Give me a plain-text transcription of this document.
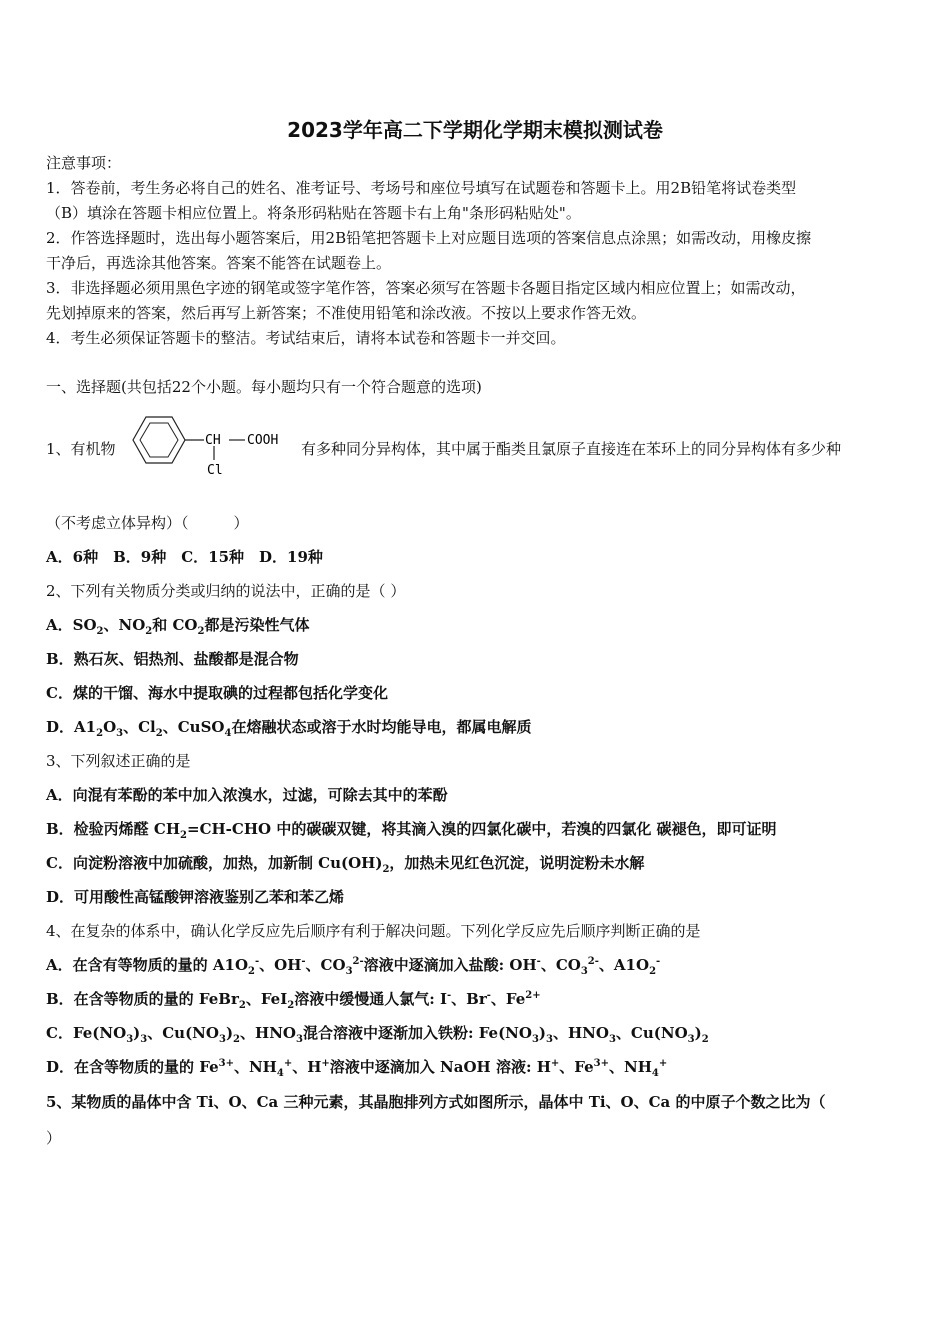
2023学年高二下学期化学期末模拟测试卷
注意事项：
1．答卷前，考生务必将自己的姓名、准考证号、考场号和座位号填写在试题卷和答题卡上。用2B铅笔将试卷类型
（B）填涂在答题卡相应位置上。将条形码粘贴在答题卡右上角"条形码粘贴处"。
2．作答选择题时，选出每小题答案后，用2B铅笔把答题卡上对应题目选项的答案信息点涂黑；如需改动，用橡皮擦
干净后，再选涂其他答案。答案不能答在试题卷上。
3．非选择题必须用黑色字迹的钢笔或签字笔作答，答案必须写在答题卡各题目指定区域内相应位置上；如需改动，
先划掉原来的答案，然后再写上新答案；不准使用铅笔和涂改液。不按以上要求作答无效。
4．考生必须保证答题卡的整洁。考试结束后，请将本试卷和答题卡一并交回。
一、选择题(共包括22个小题。每小题均只有一个符合题意的选项)
1、有机物	CH COOH
Cl
有多种同分异构体，其中属于酯类且氯原子直接连在苯环上的同分异构体有多少种
（不考虑立体异构）（　　　）
A．6种　B．9种　C．15种　D．19种
2、下列有关物质分类或归纳的说法中，正确的是（ ）
A．$SO_2$、$NO_2$和 $CO_2$都是污染性气体
B．熟石灰、铝热剂、盐酸都是混合物
C．煤的干馏、海水中提取碘的过程都包括化学变化
D．$A1_2O_3$、$Cl_2$、CuSO$_4$在熔融状态或溶于水时均能导电，都属电解质
3、下列叙述正确的是
A．向混有苯酚的苯中加入浓溴水，过滤，可除去其中的苯酚
B．检验丙烯醛 $CH_2=CH$-CHO 中的碳碳双键，将其滴入溴的四氯化碳中，若溴的四氯化 碳褪色，即可证明
C．向淀粉溶液中加硫酸，加热，加新制 $Cu(OH)_2$，加热未见红色沉淀，说明淀粉未水解
D．可用酸性高锰酸钾溶液鉴别乙苯和苯乙烯
4、在复杂的体系中，确认化学反应先后顺序有利于解决问题。下列化学反应先后顺序判断正确的是
A．在含有等物质的量的 $A1O_2^-$、OH-、$CO_3^{2-}$溶液中逐滴加入盐酸: OH-、$CO_3^{2-}$、$A1O_2^-$
B．在含等物质的量的 FeBr$_2$、FeI$_2$溶液中缓慢通人氯气: I-、Br-、$Fe^{2+}$
C．$Fe(NO_3)_3$、$Cu(NO_3)_2$、$HNO_3$混合溶液中逐渐加入铁粉: $Fe(NO_3)_3$、$HNO_3$、$Cu(NO_3)_2$
D．在含等物质的量的 $Fe^{3+}$、$NH_4^+$、H+溶液中逐滴加入 NaOH 溶液: H+、$Fe^{3+}$、$NH_4^+$
5、某物质的晶体中含 Ti、O、Ca 三种元素，其晶胞排列方式如图所示，晶体中 Ti、O、Ca 的中原子个数之比为（
）
